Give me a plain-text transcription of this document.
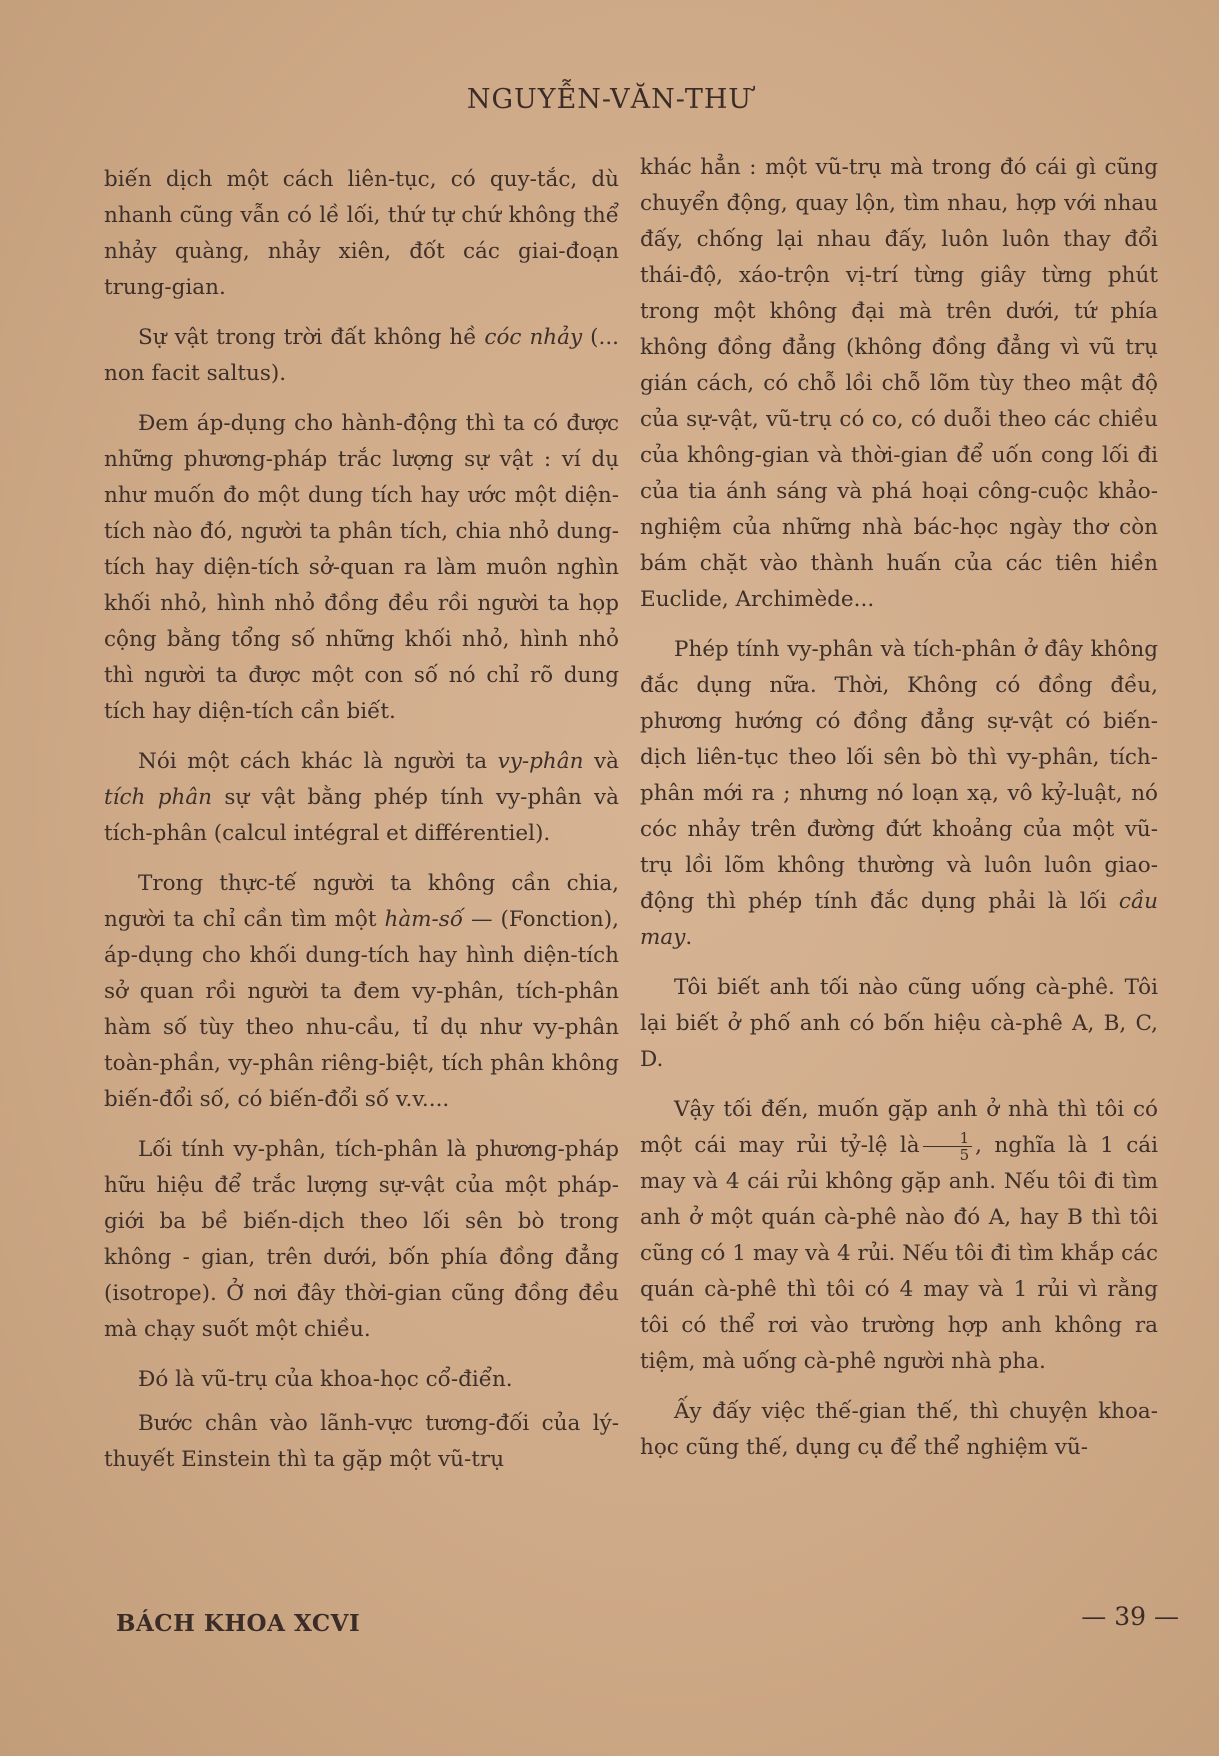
NGUYỄN-VĂN-THƯ

biến dịch một cách liên-tục, có quy-tắc, dù nhanh cũng vẫn có lề lối, thứ tự chứ không thể nhảy quàng, nhảy xiên, đốt các giai-đoạn trung-gian.

Sự vật trong trời đất không hề cóc nhảy (... non facit saltus).

Đem áp-dụng cho hành-động thì ta có được những phương-pháp trắc lượng sự vật : ví dụ như muốn đo một dung tích hay ước một diện-tích nào đó, người ta phân tích, chia nhỏ dung-tích hay diện-tích sở-quan ra làm muôn nghìn khối nhỏ, hình nhỏ đồng đều rồi người ta họp cộng bằng tổng số những khối nhỏ, hình nhỏ thì người ta được một con số nó chỉ rõ dung tích hay diện-tích cần biết.

Nói một cách khác là người ta vy-phân và tích phân sự vật bằng phép tính vy-phân và tích-phân (calcul intégral et différentiel).

Trong thực-tế người ta không cần chia, người ta chỉ cần tìm một hàm-số — (Fonction), áp-dụng cho khối dung-tích hay hình diện-tích sở quan rồi người ta đem vy-phân, tích-phân hàm số tùy theo nhu-cầu, tỉ dụ như vy-phân toàn-phần, vy-phân riêng-biệt, tích phân không biến-đổi số, có biến-đổi số v.v....

Lối tính vy-phân, tích-phân là phương-pháp hữu hiệu để trắc lượng sự-vật của một pháp-giới ba bề biến-dịch theo lối sên bò trong không - gian, trên dưới, bốn phía đồng đẳng (isotrope). Ở nơi đây thời-gian cũng đồng đều mà chạy suốt một chiều.

Đó là vũ-trụ của khoa-học cổ-điển.

Bước chân vào lãnh-vực tương-đối của lý-thuyết Einstein thì ta gặp một vũ-trụ

khác hẳn : một vũ-trụ mà trong đó cái gì cũng chuyển động, quay lộn, tìm nhau, hợp với nhau đấy, chống lại nhau đấy, luôn luôn thay đổi thái-độ, xáo-trộn vị-trí từng giây từng phút trong một không đại mà trên dưới, tứ phía không đồng đẳng (không đồng đẳng vì vũ trụ gián cách, có chỗ lồi chỗ lõm tùy theo mật độ của sự-vật, vũ-trụ có co, có duỗi theo các chiều của không-gian và thời-gian để uốn cong lối đi của tia ánh sáng và phá hoại công-cuộc khảo-nghiệm của những nhà bác-học ngày thơ còn bám chặt vào thành huấn của các tiên hiền Euclide, Archimède...

Phép tính vy-phân và tích-phân ở đây không đắc dụng nữa. Thời, Không có đồng đều, phương hướng có đồng đẳng sự-vật có biến-dịch liên-tục theo lối sên bò thì vy-phân, tích-phân mới ra ; nhưng nó loạn xạ, vô kỷ-luật, nó cóc nhảy trên đường đứt khoảng của một vũ-trụ lồi lõm không thường và luôn luôn giao-động thì phép tính đắc dụng phải là lối cầu may.

Tôi biết anh tối nào cũng uống cà-phê. Tôi lại biết ở phố anh có bốn hiệu cà-phê A, B, C, D.

Vậy tối đến, muốn gặp anh ở nhà thì tôi có một cái may rủi tỷ-lệ là $\frac{1}{5}$ , nghĩa là 1 cái may và 4 cái rủi không gặp anh. Nếu tôi đi tìm anh ở một quán cà-phê nào đó A, hay B thì tôi cũng có 1 may và 4 rủi. Nếu tôi đi tìm khắp các quán cà-phê thì tôi có 4 may và 1 rủi vì rằng tôi có thể rơi vào trường hợp anh không ra tiệm, mà uống cà-phê người nhà pha.

Ấy đấy việc thế-gian thế, thì chuyện khoa-học cũng thế, dụng cụ để thể nghiệm vũ-

BÁCH KHOA XCVI	— 39 —
